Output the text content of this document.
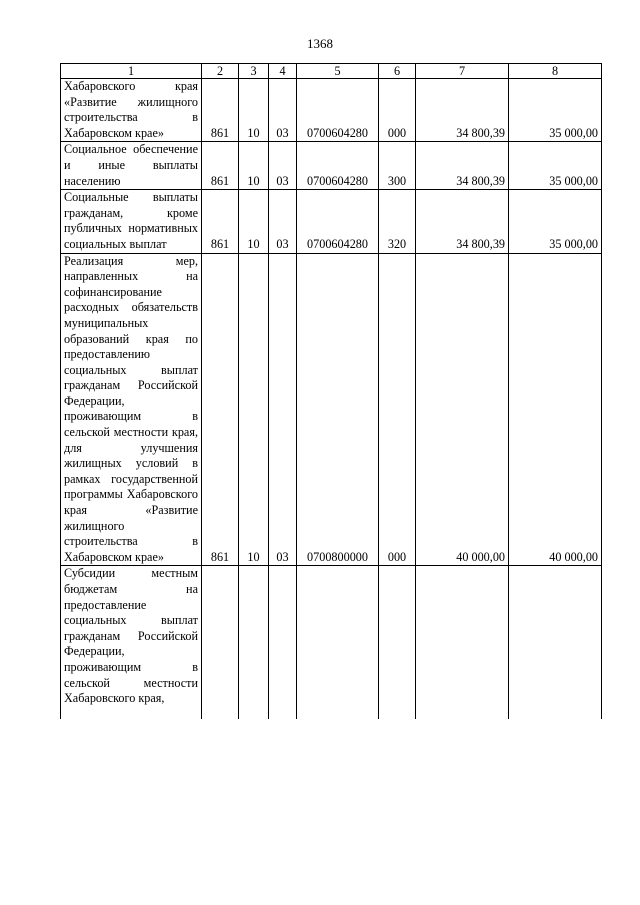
1368
1	2	3	4	5	6	7	8
Хабаровского края «Развитие жилищного строительства в Хабаровском крае»	861	10	03	0700604280	000	34 800,39	35 000,00
Социальное обеспечение и иные выплаты населению	861	10	03	0700604280	300	34 800,39	35 000,00
Социальные выплаты гражданам, кроме публичных нормативных социальных выплат	861	10	03	0700604280	320	34 800,39	35 000,00
Реализация мер, направленных на софинансирование расходных обязательств муниципальных образований края по предоставлению социальных выплат гражданам Российской Федерации, проживающим в сельской местности края, для улучшения жилищных условий в рамках государственной программы Хабаровского края «Развитие жилищного строительства в Хабаровском крае»	861	10	03	0700800000	000	40 000,00	40 000,00
Субсидии местным бюджетам на предоставление социальных выплат гражданам Российской Федерации, проживающим в сельской местности Хабаровского края,							
